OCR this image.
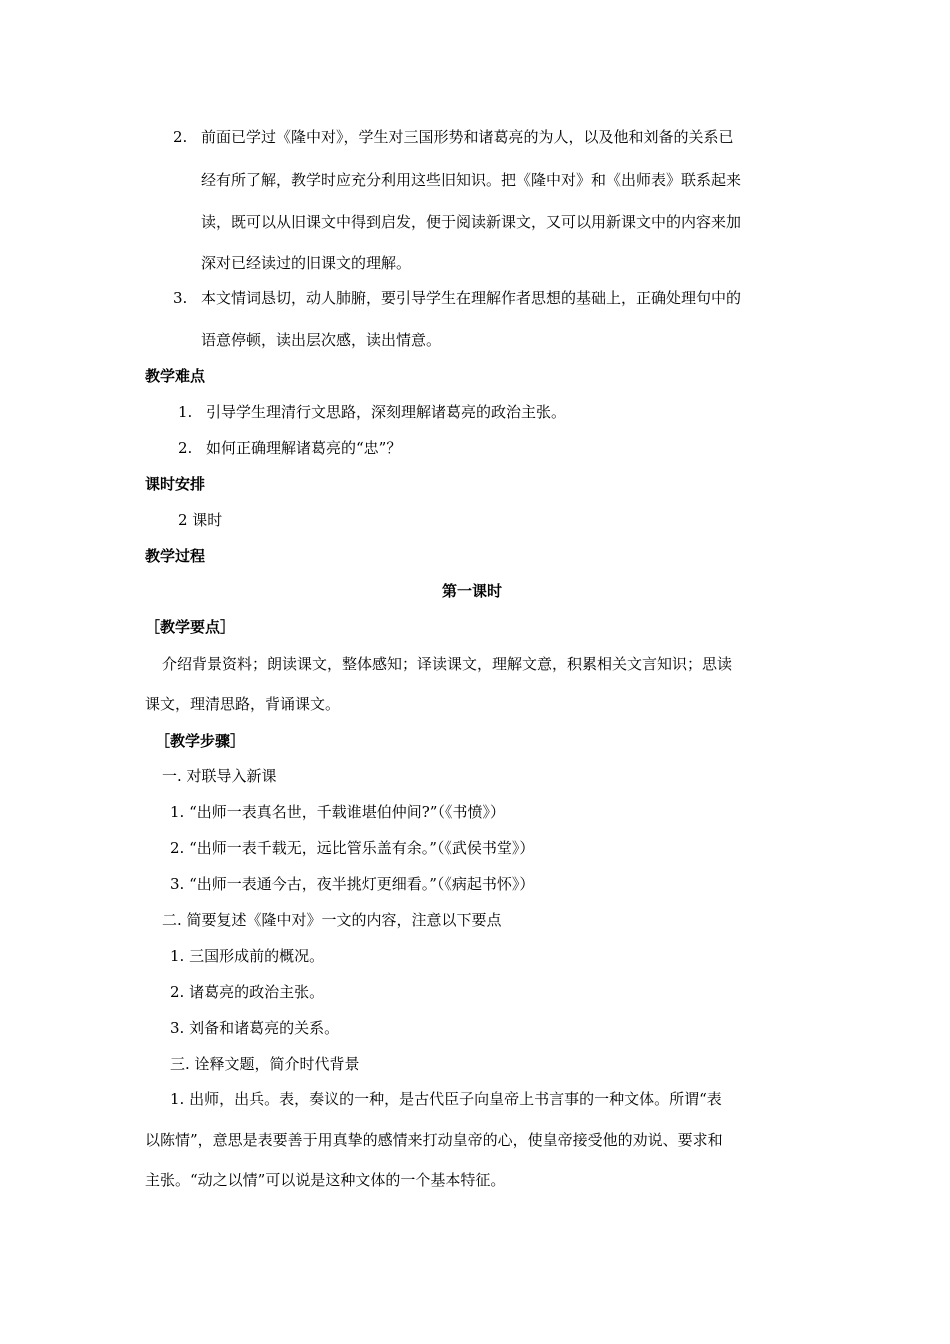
2. 前面已学过《隆中对》，学生对三国形势和诸葛亮的为人，以及他和刘备的关系已
经有所了解，教学时应充分利用这些旧知识。把《隆中对》和《出师表》联系起来
读，既可以从旧课文中得到启发，便于阅读新课文，又可以用新课文中的内容来加
深对已经读过的旧课文的理解。
3. 本文情词恳切，动人肺腑，要引导学生在理解作者思想的基础上，正确处理句中的
语意停顿，读出层次感，读出情意。
教学难点
1. 引导学生理清行文思路，深刻理解诸葛亮的政治主张。
2. 如何正确理解诸葛亮的“忠”？
课时安排
2 课时
教学过程
第一课时
［教学要点］
介绍背景资料；朗读课文，整体感知；译读课文，理解文意，积累相关文言知识；思读
课文，理清思路，背诵课文。
［教学步骤］
一. 对联导入新课
1. “出师一表真名世，千载谁堪伯仲间?”（《书愤》）
2. “出师一表千载无，远比管乐盖有余。”（《武侯书堂》）
3. “出师一表通今古，夜半挑灯更细看。”（《病起书怀》）
二. 简要复述《隆中对》一文的内容，注意以下要点
1. 三国形成前的概况。
2. 诸葛亮的政治主张。
3. 刘备和诸葛亮的关系。
三. 诠释文题，简介时代背景
1. 出师，出兵。表，奏议的一种，是古代臣子向皇帝上书言事的一种文体。所谓“表
以陈情”，意思是表要善于用真挚的感情来打动皇帝的心，使皇帝接受他的劝说、要求和
主张。“动之以情”可以说是这种文体的一个基本特征。
